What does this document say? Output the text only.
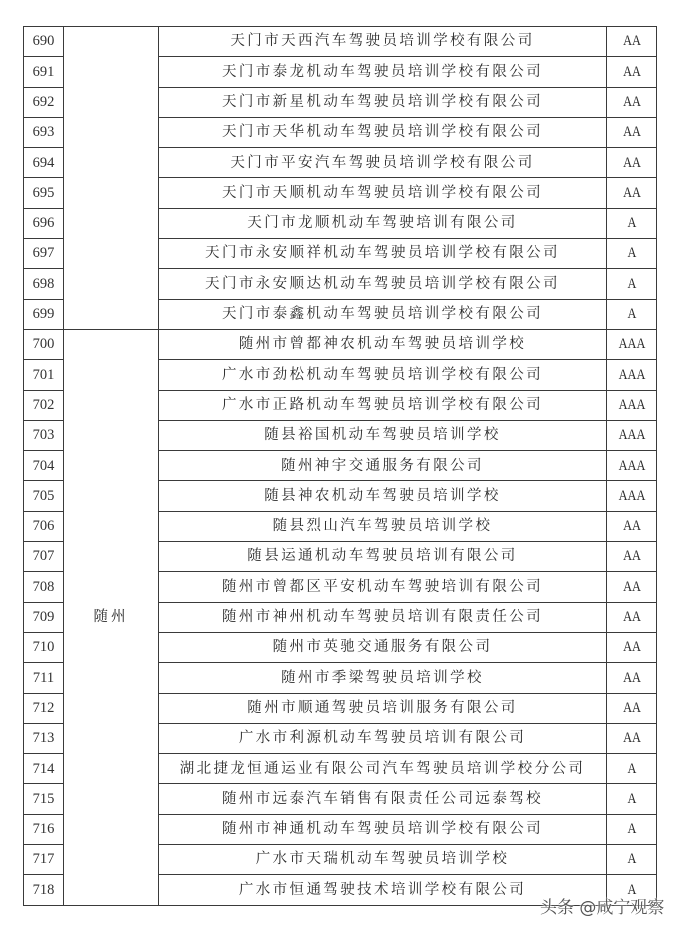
690		天门市天西汽车驾驶员培训学校有限公司	AA
691		天门市泰龙机动车驾驶员培训学校有限公司	AA
692		天门市新星机动车驾驶员培训学校有限公司	AA
693		天门市天华机动车驾驶员培训学校有限公司	AA
694		天门市平安汽车驾驶员培训学校有限公司	AA
695		天门市天顺机动车驾驶员培训学校有限公司	AA
696		天门市龙顺机动车驾驶培训有限公司	A
697		天门市永安顺祥机动车驾驶员培训学校有限公司	A
698		天门市永安顺达机动车驾驶员培训学校有限公司	A
699		天门市泰鑫机动车驾驶员培训学校有限公司	A
700	随州	随州市曾都神农机动车驾驶员培训学校	AAA
701		广水市劲松机动车驾驶员培训学校有限公司	AAA
702		广水市正路机动车驾驶员培训学校有限公司	AAA
703		随县裕国机动车驾驶员培训学校	AAA
704		随州神宇交通服务有限公司	AAA
705		随县神农机动车驾驶员培训学校	AAA
706		随县烈山汽车驾驶员培训学校	AA
707		随县运通机动车驾驶员培训有限公司	AA
708		随州市曾都区平安机动车驾驶培训有限公司	AA
709		随州市神州机动车驾驶员培训有限责任公司	AA
710		随州市英驰交通服务有限公司	AA
711		随州市季梁驾驶员培训学校	AA
712		随州市顺通驾驶员培训服务有限公司	AA
713		广水市利源机动车驾驶员培训有限公司	AA
714		湖北捷龙恒通运业有限公司汽车驾驶员培训学校分公司	A
715		随州市远泰汽车销售有限责任公司远泰驾校	A
716		随州市神通机动车驾驶员培训学校有限公司	A
717		广水市天瑞机动车驾驶员培训学校	A
718		广水市恒通驾驶技术培训学校有限公司	A
头条 @咸宁观察
